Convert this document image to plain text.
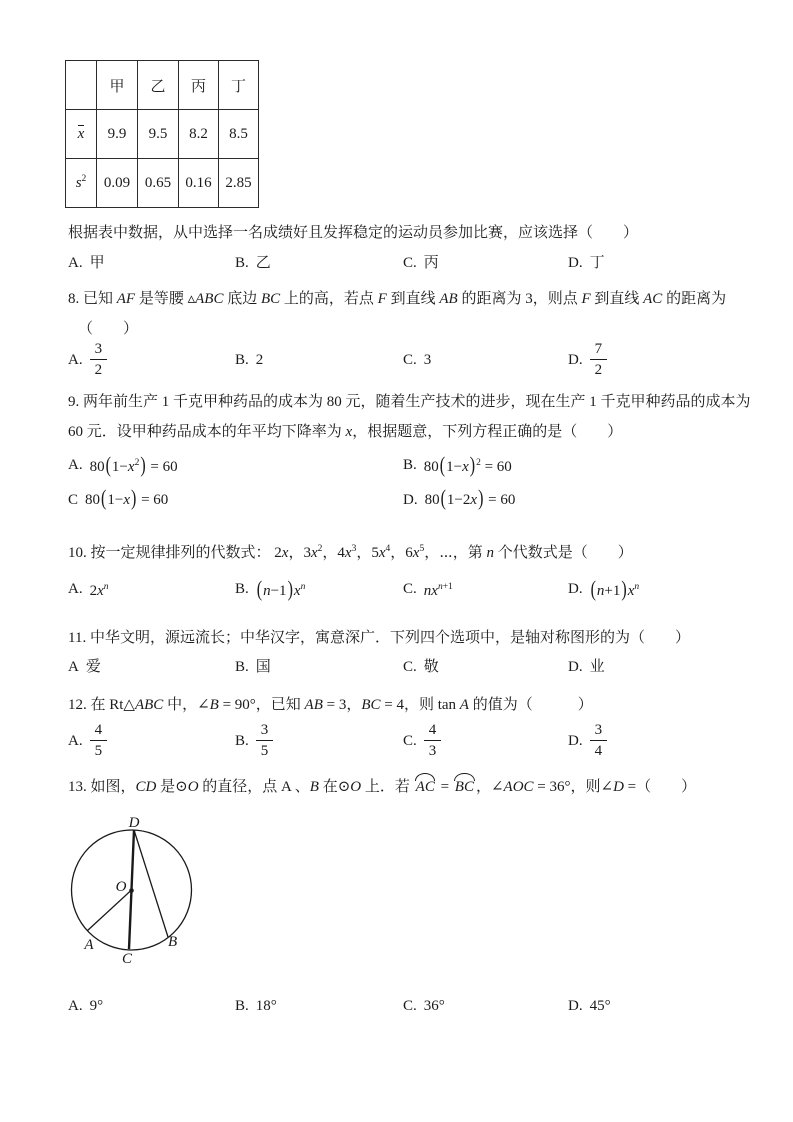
	甲	乙	丙	丁
x	9.9	9.5	8.2	8.5
$s^2$	0.09	0.65	0.16	2.85
根据表中数据，从中选择一名成绩好且发挥稳定的运动员参加比赛，应该选择（　　）
A. 甲	B. 乙	C. 丙	D. 丁
8. 已知 AF 是等腰 ▵ABC 底边 BC 上的高，若点 F 到直线 AB 的距离为 3，则点 F 到直线 AC 的距离为
（　　）
A. $\frac{3}{2}$	B. 2	C. 3	D. $\frac{7}{2}$
9. 两年前生产 1 千克甲种药品的成本为 80 元，随着生产技术的进步，现在生产 1 千克甲种药品的成本为
60 元．设甲种药品成本的年平均下降率为 x，根据题意，下列方程正确的是（　　）
A. $80(1-x^2) = 60$	B. $80(1-x)^2 = 60$
C 80(1−x) = 60	D. 80(1−2x) = 60
10. 按一定规律排列的代数式： 2x，$3x^2$，$4x^3$，$5x^4$，$6x^5$，⋯，第 n 个代数式是（　　）
A. $2x^n$	B. $(n-1)x^n$	C. $nx^{n+1}$	D. $(n+1)x^n$
11. 中华文明，源远流长；中华汉字，寓意深广．下列四个选项中，是轴对称图形的为（　　）
A 爱	B. 国	C. 敬	D. 业
12. 在 Rt△ABC 中，∠B = 90°，已知 AB = 3，BC = 4，则 tan A 的值为（　　　）
A. $\frac{4}{5}$	B. $\frac{3}{5}$	C. $\frac{4}{3}$	D. $\frac{3}{4}$
13. 如图，CD 是⊙O 的直径，点 A 、B 在⊙O 上．若 AC = BC ，∠AOC = 36°，则∠D =（　　）
D
O
A
C
B
A. 9°	B. 18°	C. 36°	D. 45°
